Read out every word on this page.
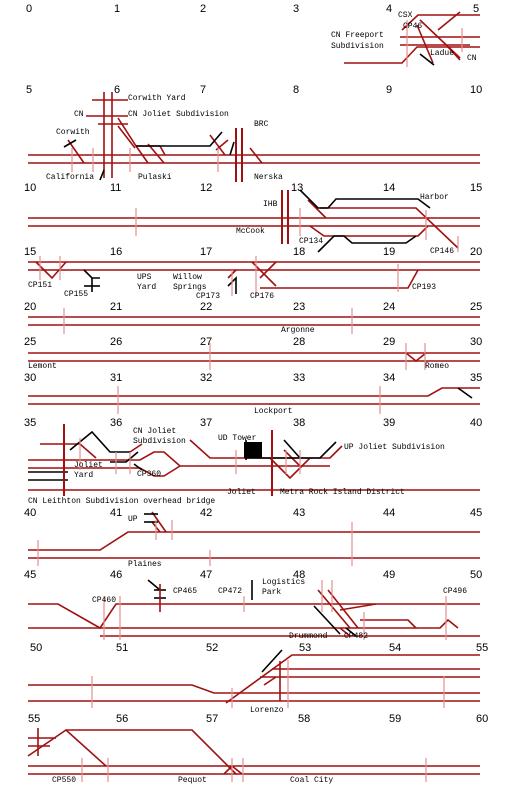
0	1	2	3	4	5
CSX
CP46
CN Freeport
Subdivision
Ladue
CN
5	6	7	8	9	10
Corwith Yard
CN	CN Joliet Subdivision
Corwith
BRC
California	Pulaski	Nerska
10	11	12	13	14	15
Harbor
IHB
McCook
CP134
CP146
15	16	17	18	19	20
UPS	Willow
Yard Springs
CP151
CP155	CP173	CP176
CP193
20	21	22	23	24	25
Argonne
25	26	27	28	29	30
Lemont	Romeo
30	31	32	33	34	35
Lockport
35	36	37	38	39	40
CN Joliet
Subdivision	UD Tower
UP Joliet Subdivision
Joliet
Yard	CP360
Joliet	Metra Rock Island District
CN Leithton Subdivision overhead bridge
40	41	42	43	44	45
UP
Plaines
45	46	47	48	49	50
Logistics
Park
CP465	CP472	CP496
CP460
Drummond CP482
50	51	52	53	54	55
Lorenzo
55	56	57	58	59	60
CP550	Pequot	Coal City
